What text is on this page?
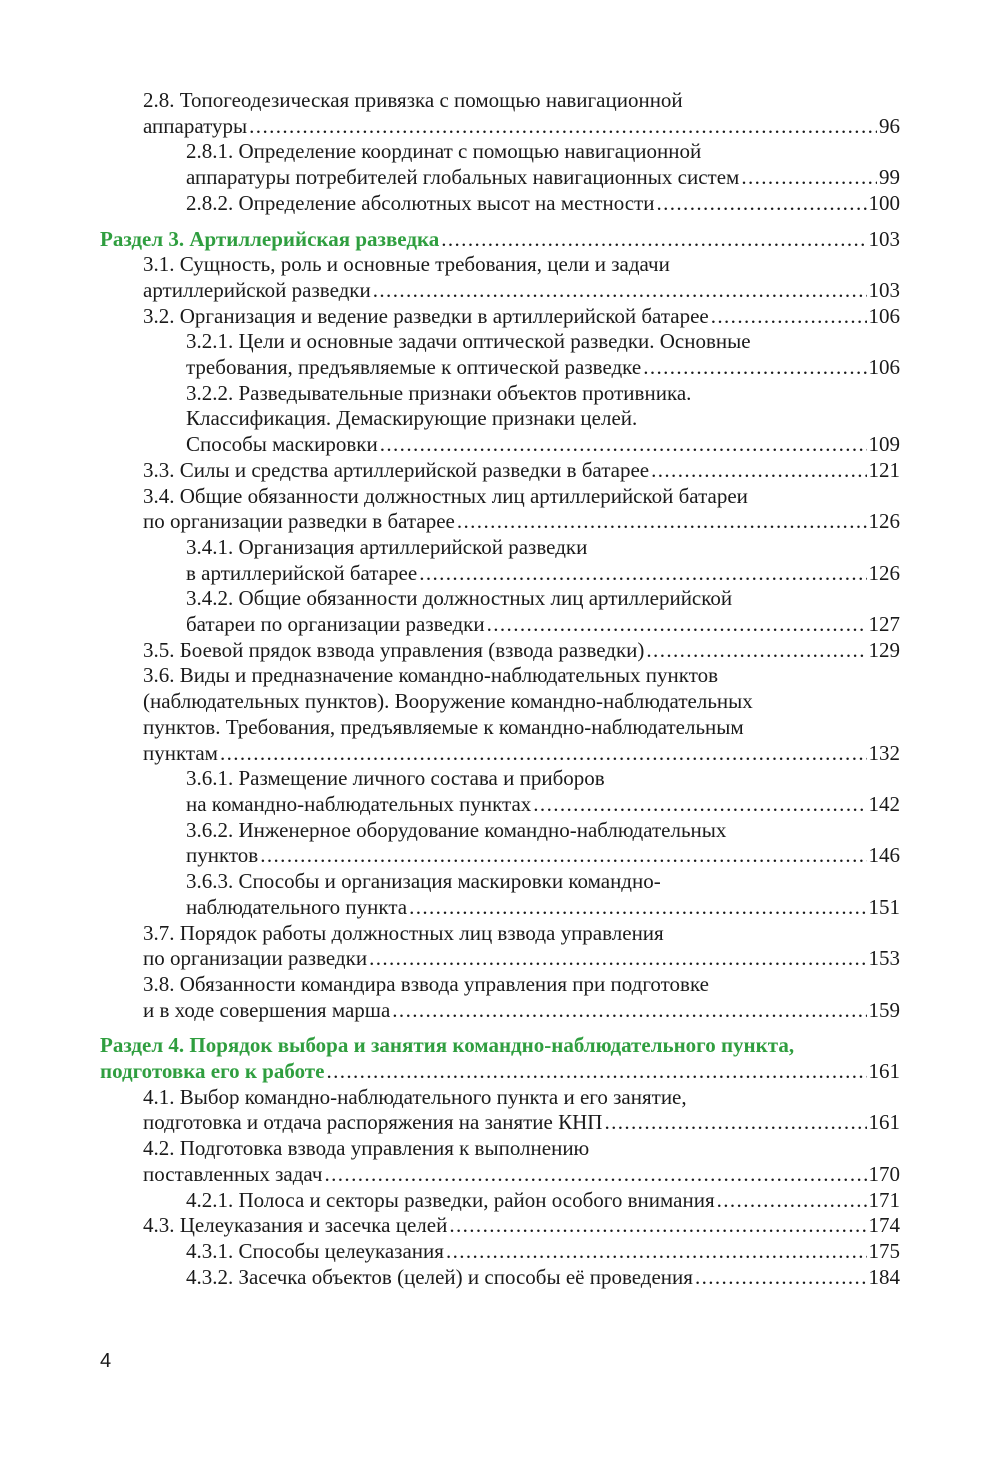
2.8. Топогеодезическая привязка с помощью навигационной
аппаратуры .....	96
2.8.1. Определение координат с помощью навигационной
аппаратуры потребителей глобальных навигационных систем .....	99
2.8.2. Определение абсолютных высот на местности .....	100
Раздел 3. Артиллерийская разведка .....	103
3.1. Сущность, роль и основные требования, цели и задачи
артиллерийской разведки .....	103
3.2. Организация и ведение разведки в артиллерийской батарее .....	106
3.2.1. Цели и основные задачи оптической разведки. Основные
требования, предъявляемые к оптической разведке .....	106
3.2.2. Разведывательные признаки объектов противника.
Классификация. Демаскирующие признаки целей.
Способы маскировки .....	109
3.3. Силы и средства артиллерийской разведки в батарее .....	121
3.4. Общие обязанности должностных лиц артиллерийской батареи
по организации разведки в батарее .....	126
3.4.1. Организация артиллерийской разведки
в артиллерийской батарее .....	126
3.4.2. Общие обязанности должностных лиц артиллерийской
батареи по организации разведки .....	127
3.5. Боевой прядок взвода управления (взвода разведки) .....	129
3.6. Виды и предназначение командно-наблюдательных пунктов
(наблюдательных пунктов). Вооружение командно-наблюдательных
пунктов. Требования, предъявляемые к командно-наблюдательным
пунктам .....	132
3.6.1. Размещение личного состава и приборов
на командно-наблюдательных пунктах .....	142
3.6.2. Инженерное оборудование командно-наблюдательных
пунктов .....	146
3.6.3. Способы и организация маскировки командно-
наблюдательного пункта .....	151
3.7. Порядок работы должностных лиц взвода управления
по организации разведки .....	153
3.8. Обязанности командира взвода управления при подготовке
и в ходе совершения марша .....	159
Раздел 4. Порядок выбора и занятия командно-наблюдательного пункта,
подготовка его к работе .....	161
4.1. Выбор командно-наблюдательного пункта и его занятие,
подготовка и отдача распоряжения на занятие КНП .....	161
4.2. Подготовка взвода управления к выполнению
поставленных задач .....	170
4.2.1. Полоса и секторы разведки, район особого внимания .....	171
4.3. Целеуказания и засечка целей .....	174
4.3.1. Способы целеуказания .....	175
4.3.2. Засечка объектов (целей) и способы её проведения .....	184
4
